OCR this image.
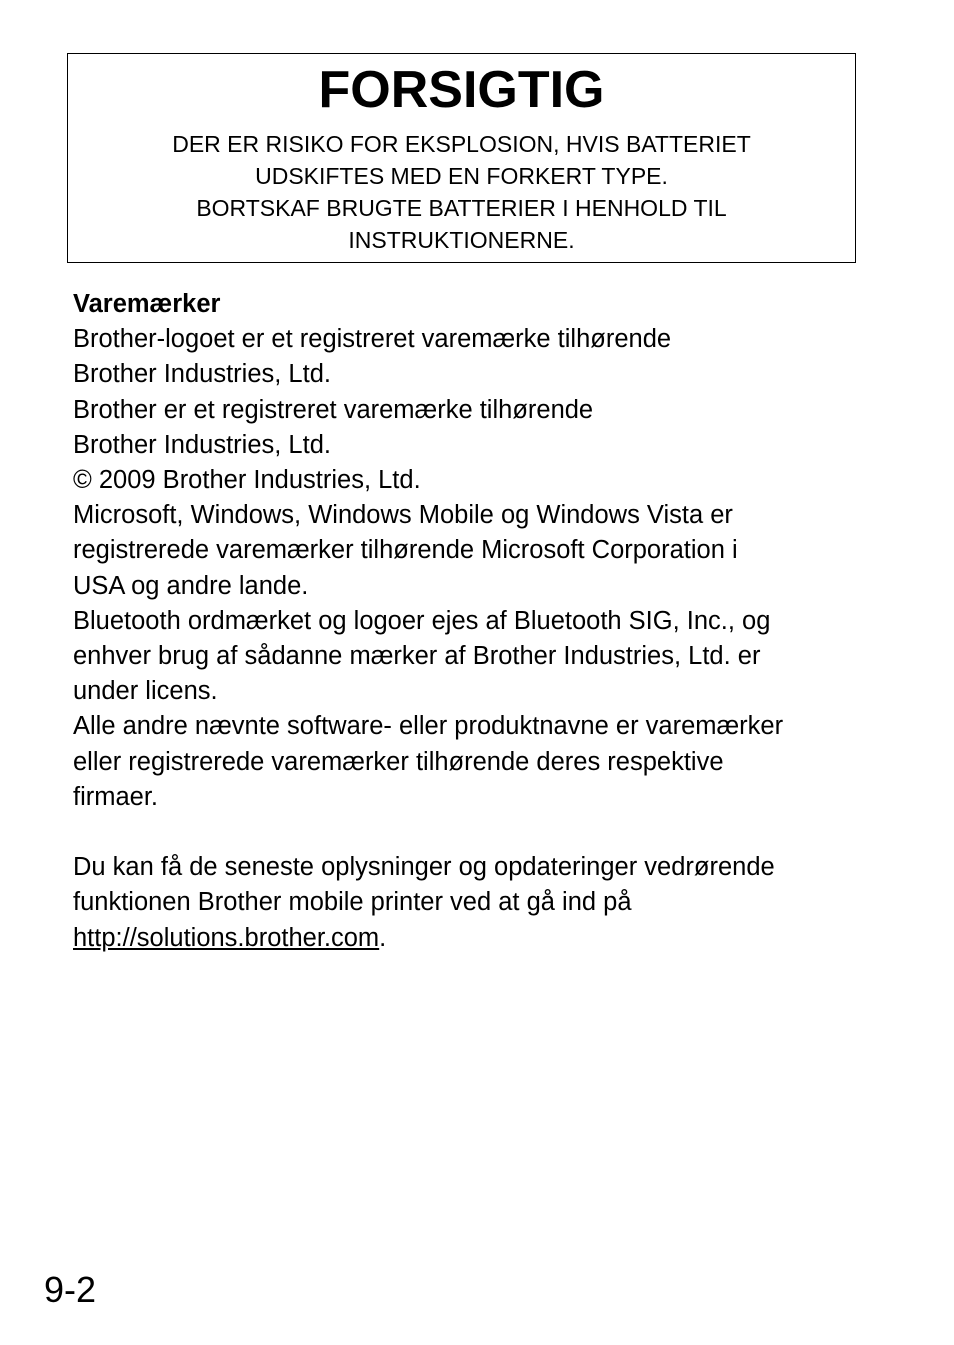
FORSIGTIG
DER ER RISIKO FOR EKSPLOSION, HVIS BATTERIET
UDSKIFTES MED EN FORKERT TYPE.
BORTSKAF BRUGTE BATTERIER I HENHOLD TIL
INSTRUKTIONERNE.
Varemærker
Brother-logoet er et registreret varemærke tilhørende
Brother Industries, Ltd.
Brother er et registreret varemærke tilhørende
Brother Industries, Ltd.
© 2009 Brother Industries, Ltd.
Microsoft, Windows, Windows Mobile og Windows Vista er
registrerede varemærker tilhørende Microsoft Corporation i
USA og andre lande.
Bluetooth ordmærket og logoer ejes af Bluetooth SIG, Inc., og
enhver brug af sådanne mærker af Brother Industries, Ltd. er
under licens.
Alle andre nævnte software- eller produktnavne er varemærker
eller registrerede varemærker tilhørende deres respektive
firmaer.
Du kan få de seneste oplysninger og opdateringer vedrørende
funktionen Brother mobile printer ved at gå ind på
http://solutions.brother.com.
9-2
